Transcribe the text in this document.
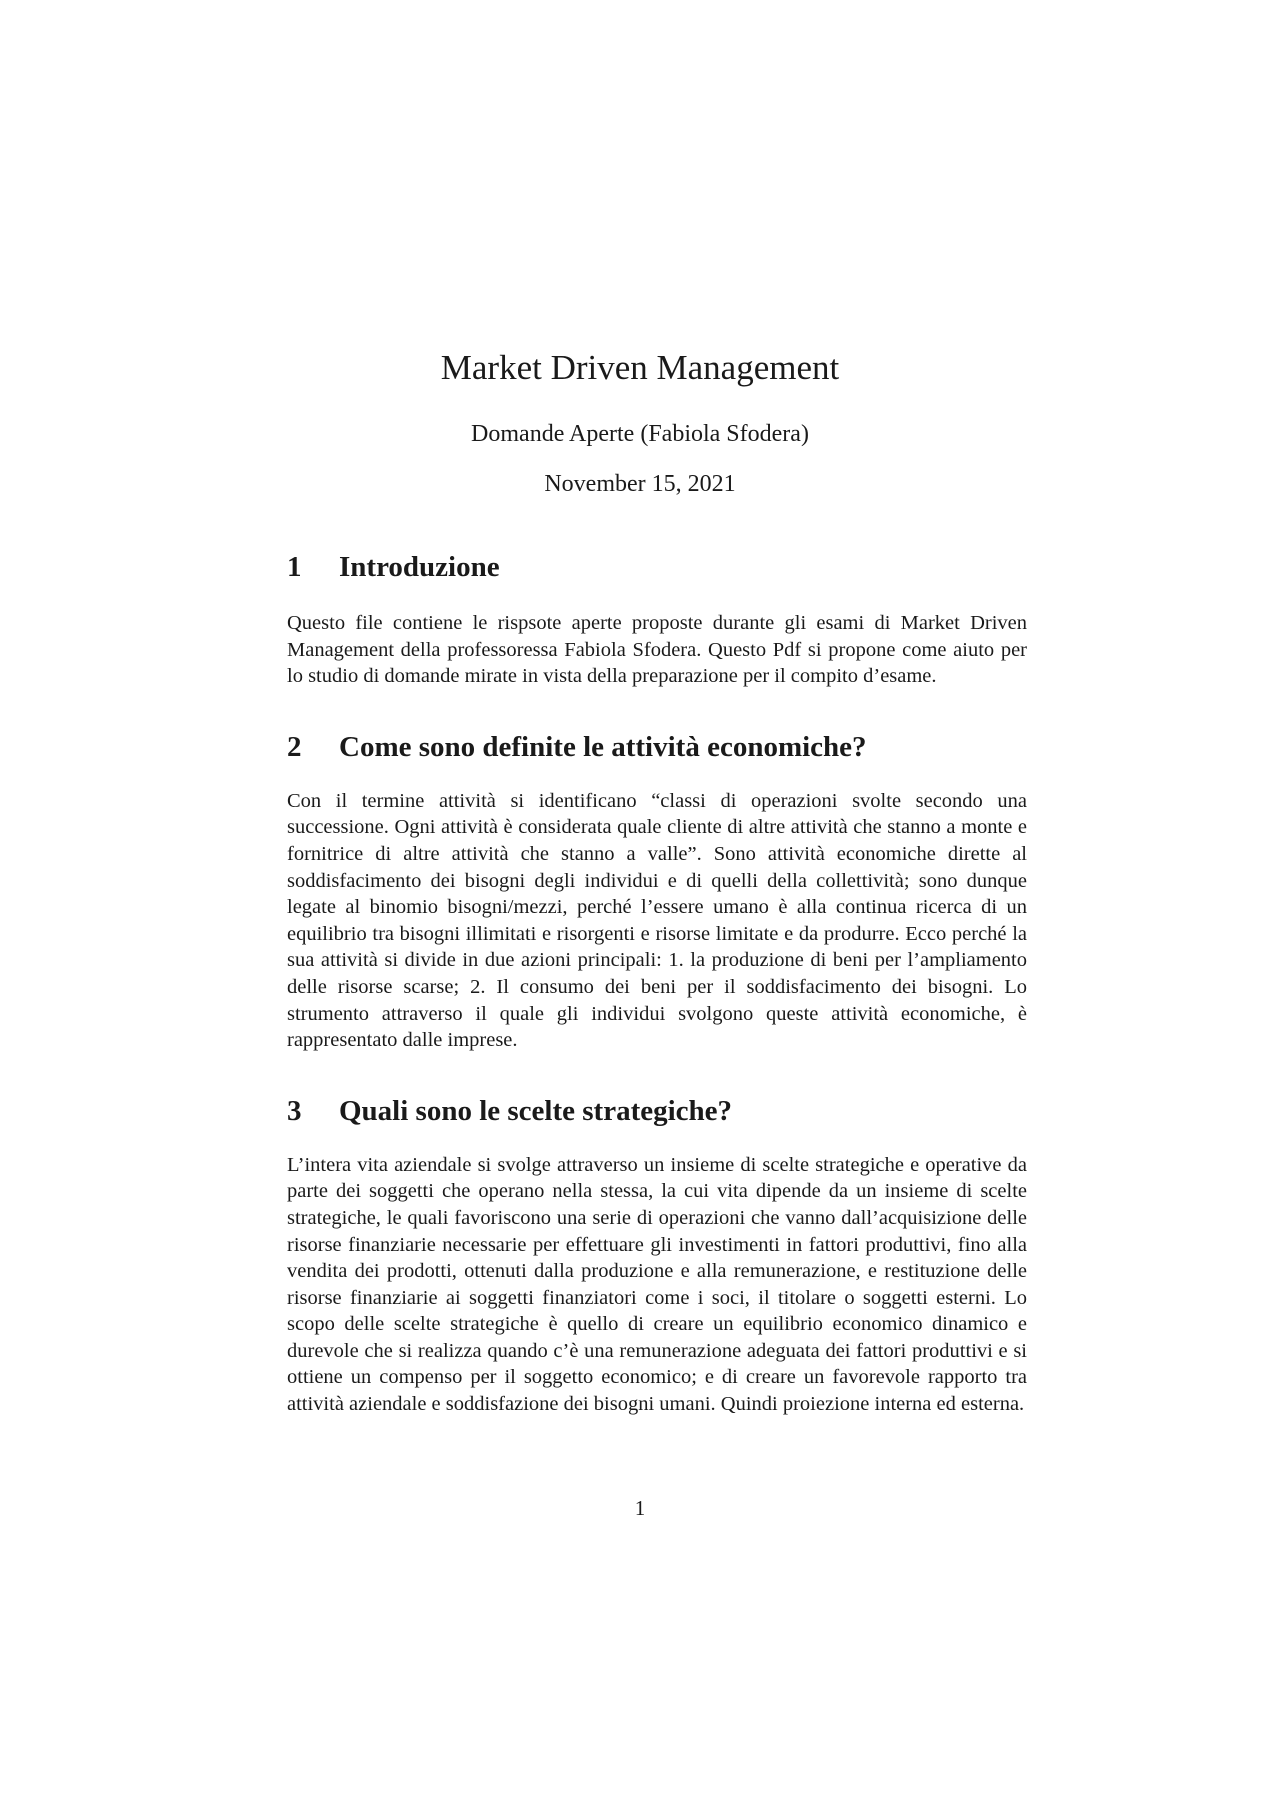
Market Driven Management
Domande Aperte (Fabiola Sfodera)
November 15, 2021
1	Introduzione

Questo file contiene le rispsote aperte proposte durante gli esami di Market Driven Management della professoressa Fabiola Sfodera. Questo Pdf si propone come aiuto per lo studio di domande mirate in vista della preparazione per il compito d’esame.

2	Come sono definite le attività economiche?

Con il termine attività si identificano “classi di operazioni svolte secondo una successione. Ogni attività è considerata quale cliente di altre attività che stanno a monte e fornitrice di altre attività che stanno a valle”. Sono attività economiche dirette al soddisfacimento dei bisogni degli individui e di quelli della collettività; sono dunque legate al binomio bisogni/mezzi, perché l’essere umano è alla continua ricerca di un equilibrio tra bisogni illimitati e risorgenti e risorse limitate e da produrre. Ecco perché la sua attività si divide in due azioni principali: 1. la produzione di beni per l’ampliamento delle risorse scarse; 2. Il consumo dei beni per il soddisfacimento dei bisogni. Lo strumento attraverso il quale gli individui svolgono queste attività economiche, è rappresentato dalle imprese.

3	Quali sono le scelte strategiche?

L’intera vita aziendale si svolge attraverso un insieme di scelte strategiche e operative da parte dei soggetti che operano nella stessa, la cui vita dipende da un insieme di scelte strategiche, le quali favoriscono una serie di operazioni che vanno dall’acquisizione delle risorse finanziarie necessarie per effettuare gli investimenti in fattori produttivi, fino alla vendita dei prodotti, ottenuti dalla produzione e alla remunerazione, e restituzione delle risorse finanziarie ai soggetti finanziatori come i soci, il titolare o soggetti esterni. Lo scopo delle scelte strategiche è quello di creare un equilibrio economico dinamico e durevole che si realizza quando c’è una remunerazione adeguata dei fattori produttivi e si ottiene un compenso per il soggetto economico; e di creare un favorevole rapporto tra attività aziendale e soddisfazione dei bisogni umani. Quindi proiezione interna ed esterna.

1
